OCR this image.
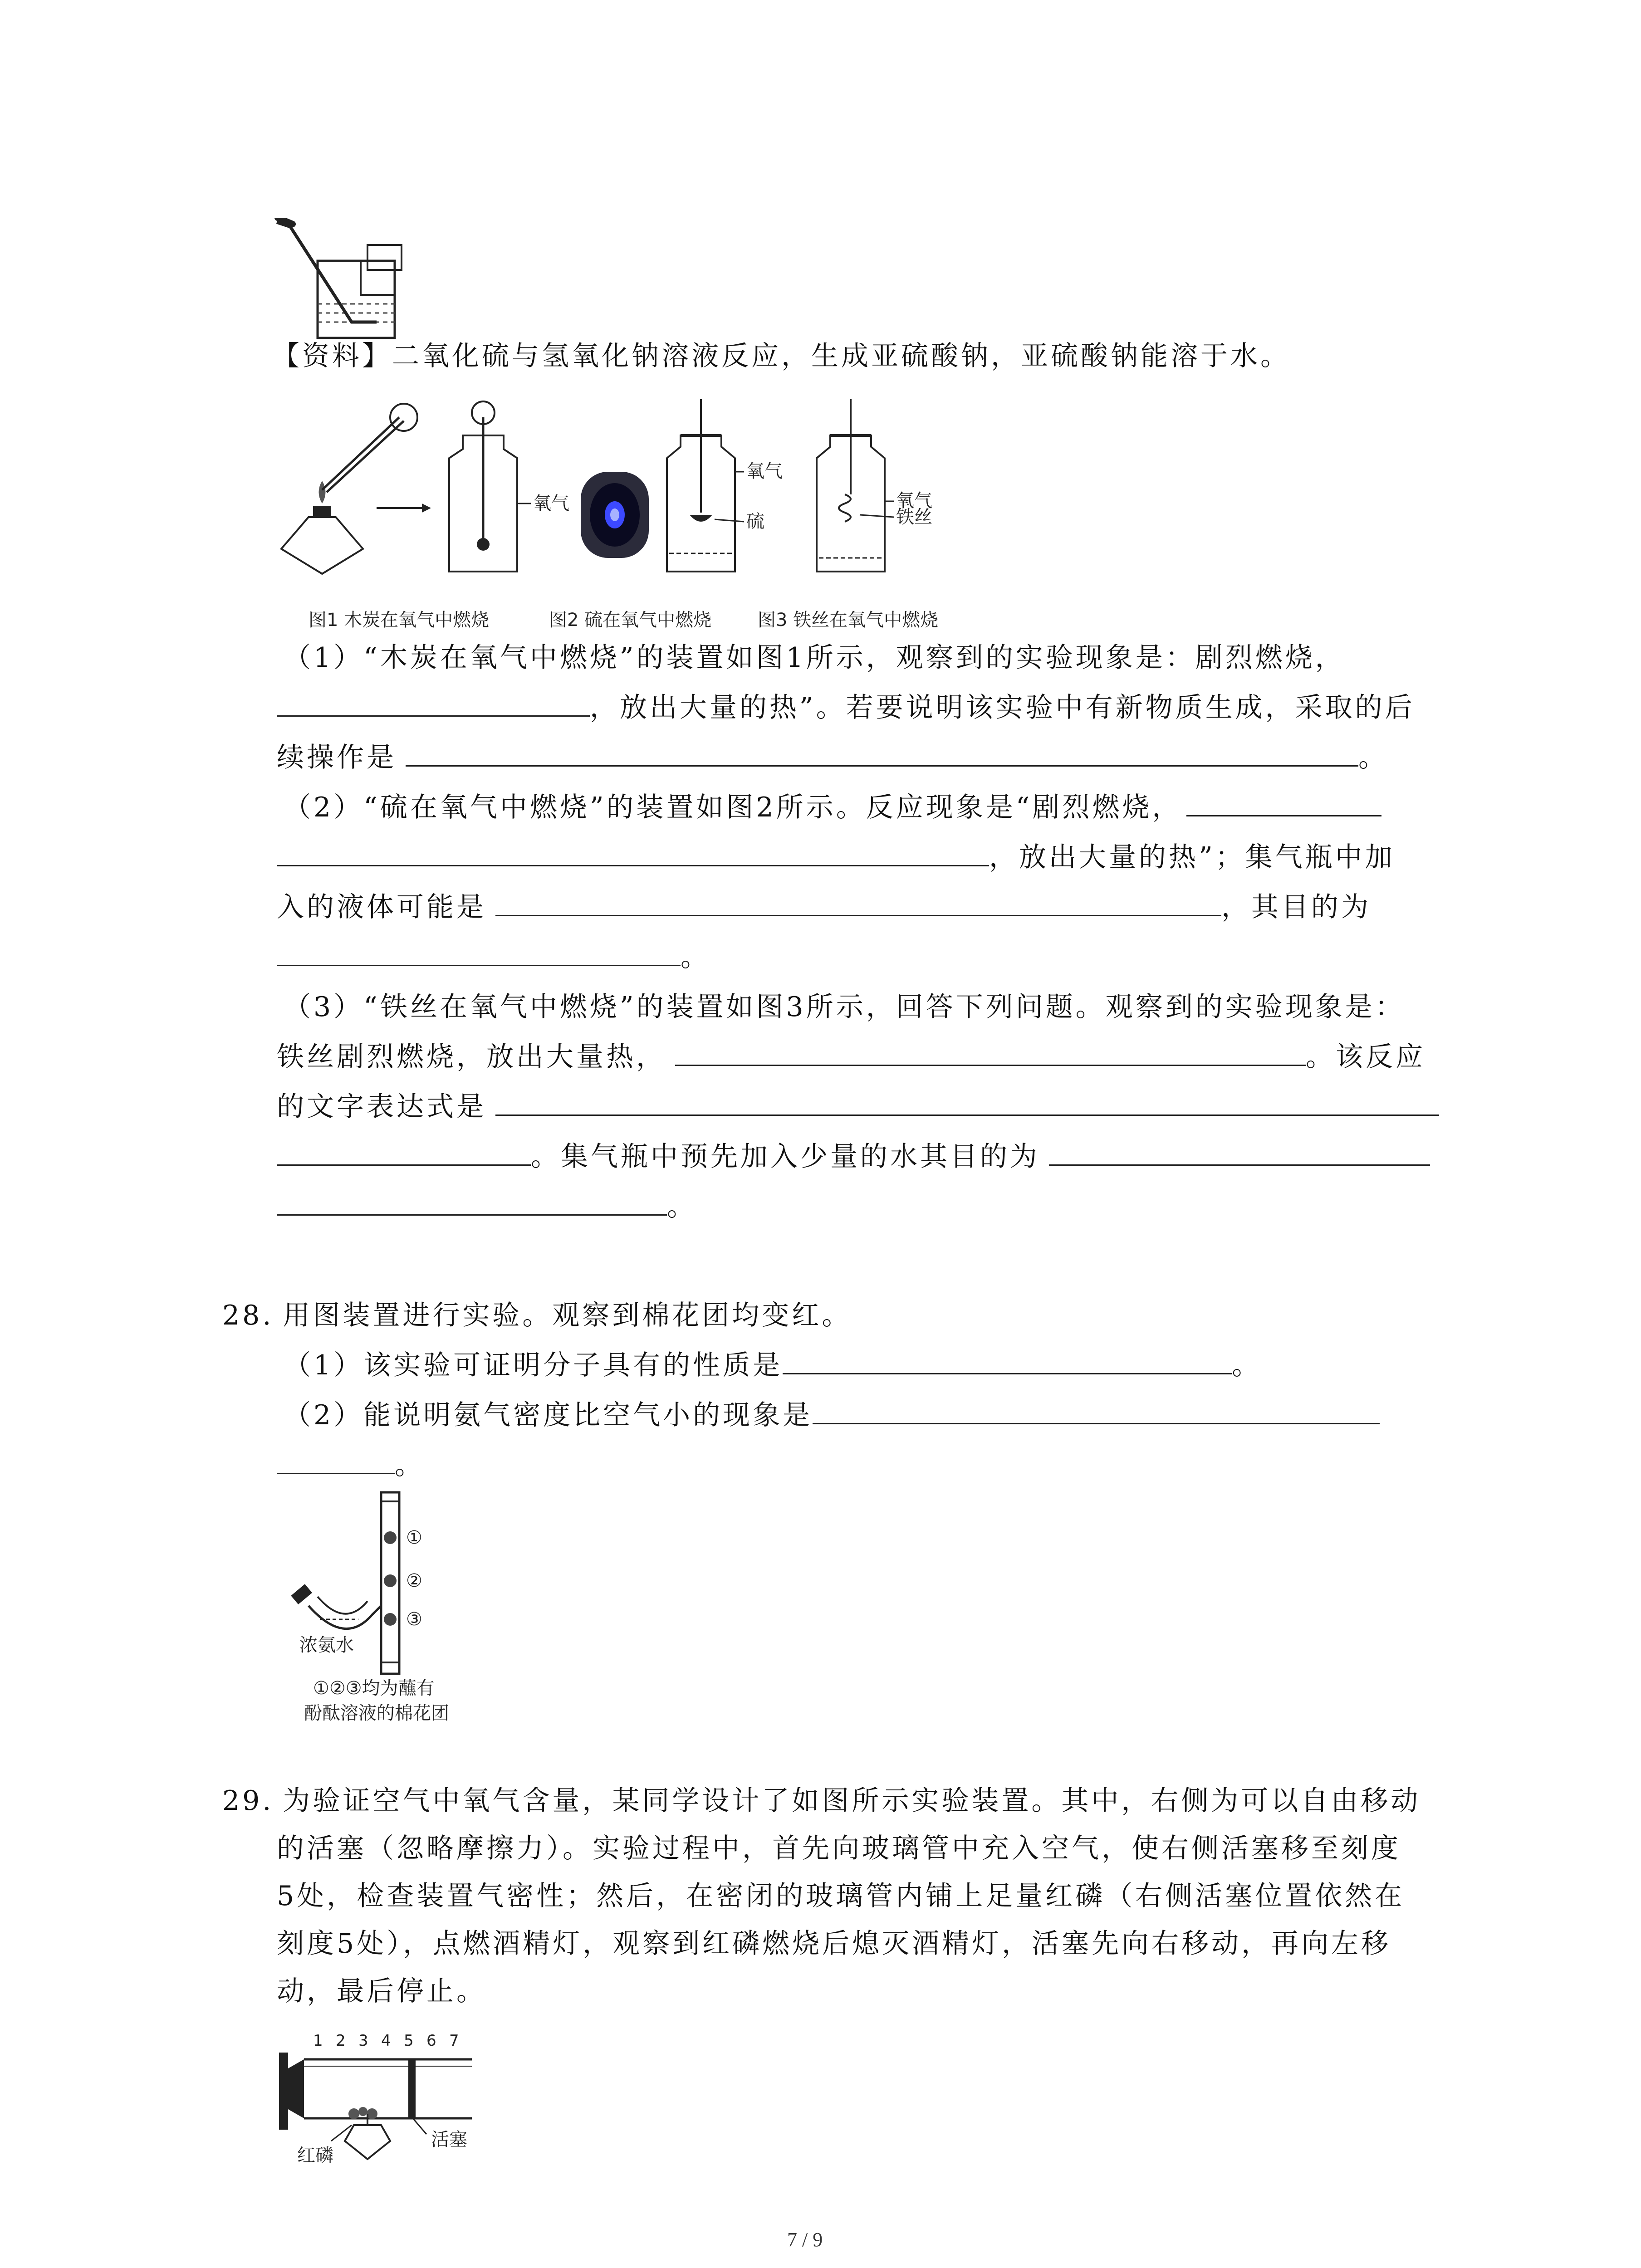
【资料】二氧化硫与氢氧化钠溶液反应，生成亚硫酸钠，亚硫酸钠能溶于水。
氧气
氧气
硫
氧气
铁丝
图1 木炭在氧气中燃烧	图2 硫在氧气中燃烧	图3 铁丝在氧气中燃烧
（1）“木炭在氧气中燃烧”的装置如图1所示，观察到的实验现象是：剧烈燃烧，
，放出大量的热”。若要说明该实验中有新物质生成，采取的后
续操作是	。
（2）“硫在氧气中燃烧”的装置如图2所示。反应现象是“剧烈燃烧，
，放出大量的热”；集气瓶中加
入的液体可能是	，其目的为
。
（3）“铁丝在氧气中燃烧”的装置如图3所示，回答下列问题。观察到的实验现象是：
铁丝剧烈燃烧，放出大量热，	。该反应
的文字表达式是
。集气瓶中预先加入少量的水其目的为
。
28. 用图装置进行实验。观察到棉花团均变红。
（1）该实验可证明分子具有的性质是	。
（2）能说明氨气密度比空气小的现象是
。
①
②
③
浓氨水
①②③均为蘸有
酚酞溶液的棉花团
29. 为验证空气中氧气含量，某同学设计了如图所示实验装置。其中，右侧为可以自由移动
的活塞（忽略摩擦力）。实验过程中，首先向玻璃管中充入空气，使右侧活塞移至刻度
5处，检查装置气密性；然后，在密闭的玻璃管内铺上足量红磷（右侧活塞位置依然在
刻度5处），点燃酒精灯，观察到红磷燃烧后熄灭酒精灯，活塞先向右移动，再向左移
动，最后停止。
1 2 3 4 5 6 7
红磷
活塞
7 / 9
